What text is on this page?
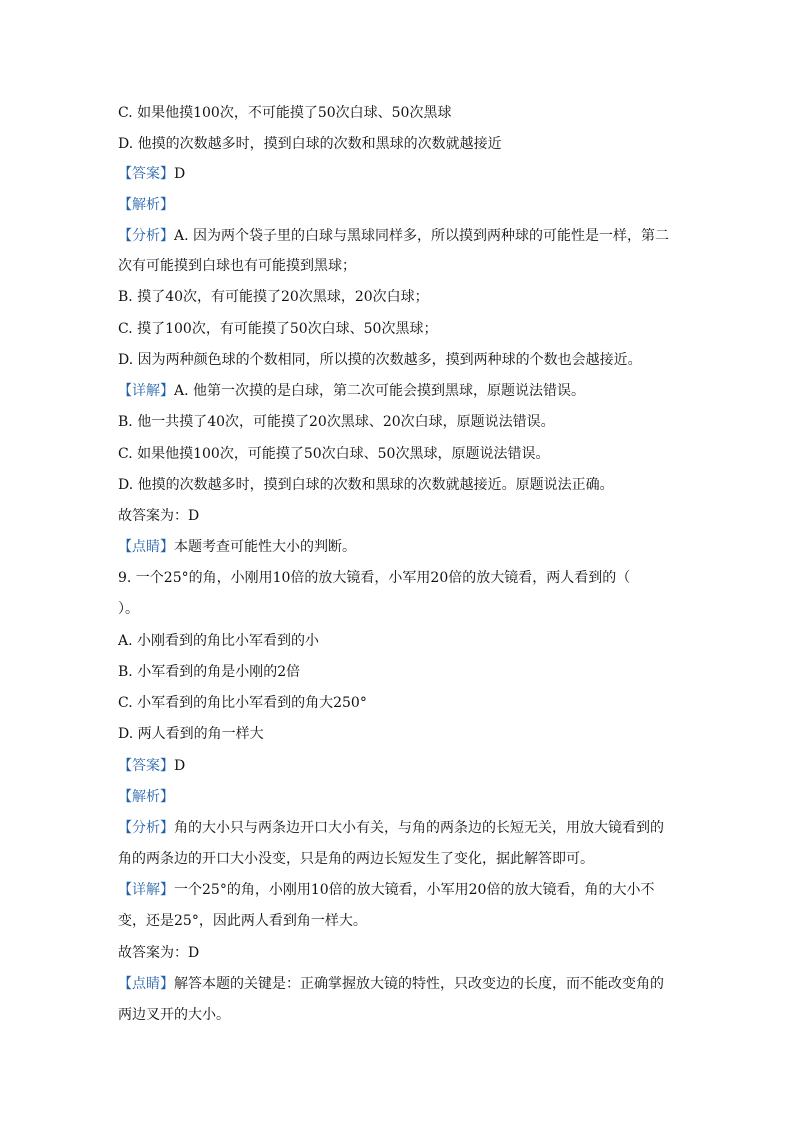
C. 如果他摸100次，不可能摸了50次白球、50次黑球
D. 他摸的次数越多时，摸到白球的次数和黑球的次数就越接近
【答案】D
【解析】
【分析】A. 因为两个袋子里的白球与黑球同样多，所以摸到两种球的可能性是一样，第二
次有可能摸到白球也有可能摸到黑球；
B. 摸了40次，有可能摸了20次黑球，20次白球；
C. 摸了100次，有可能摸了50次白球、50次黑球；
D. 因为两种颜色球的个数相同，所以摸的次数越多，摸到两种球的个数也会越接近。
【详解】A. 他第一次摸的是白球，第二次可能会摸到黑球，原题说法错误。
B. 他一共摸了40次，可能摸了20次黑球、20次白球，原题说法错误。
C. 如果他摸100次，可能摸了50次白球、50次黑球，原题说法错误。
D. 他摸的次数越多时，摸到白球的次数和黑球的次数就越接近。原题说法正确。
故答案为：D
【点睛】本题考查可能性大小的判断。
9. 一个25°的角，小刚用10倍的放大镜看，小军用20倍的放大镜看，两人看到的（
）。
A. 小刚看到的角比小军看到的小
B. 小军看到的角是小刚的2倍
C. 小军看到的角比小军看到的角大250°
D. 两人看到的角一样大
【答案】D
【解析】
【分析】角的大小只与两条边开口大小有关，与角的两条边的长短无关，用放大镜看到的
角的两条边的开口大小没变，只是角的两边长短发生了变化，据此解答即可。
【详解】一个25°的角，小刚用10倍的放大镜看，小军用20倍的放大镜看，角的大小不
变，还是25°，因此两人看到角一样大。
故答案为：D
【点睛】解答本题的关键是：正确掌握放大镜的特性，只改变边的长度，而不能改变角的
两边叉开的大小。
